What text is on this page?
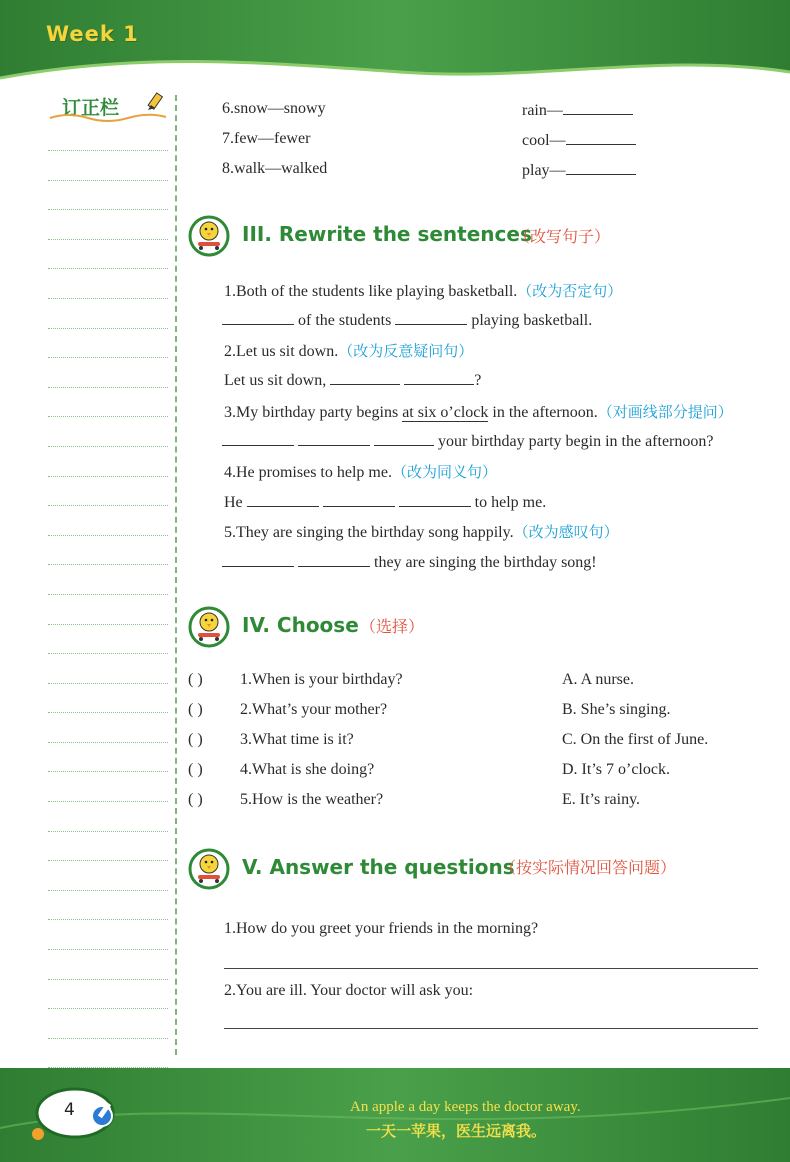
Week 1
订正栏	6.snow—snowy	rain—
7.few—fewer	cool—
8.walk—walked	play—
III. Rewrite the sentences
（改写句子）
1.Both of the students like playing basketball.（改为否定句）
of the students	playing basketball.
2.Let us sit down.（改为反意疑问句）
Let us sit down,	?
3.My birthday party begins at six o’clock in the afternoon.（对画线部分提问）
your birthday party begin in the afternoon?
4.He promises to help me.（改为同义句）
He	to help me.
5.They are singing the birthday song happily.（改为感叹句）
they are singing the birthday song!
IV. Choose （选择）
( ) 1.When is your birthday?	A. A nurse.
( ) 2.What’s your mother?	B. She’s singing.
( ) 3.What time is it?	C. On the first of June.
( ) 4.What is she doing?	D. It’s 7 o’clock.
( ) 5.How is the weather?	E. It’s rainy.
V. Answer the questions
（按实际情况回答问题）
1.How do you greet your friends in the morning?
2.You are ill. Your doctor will ask you:
4	An apple a day keeps the doctor away.
一天一苹果，医生远离我。
